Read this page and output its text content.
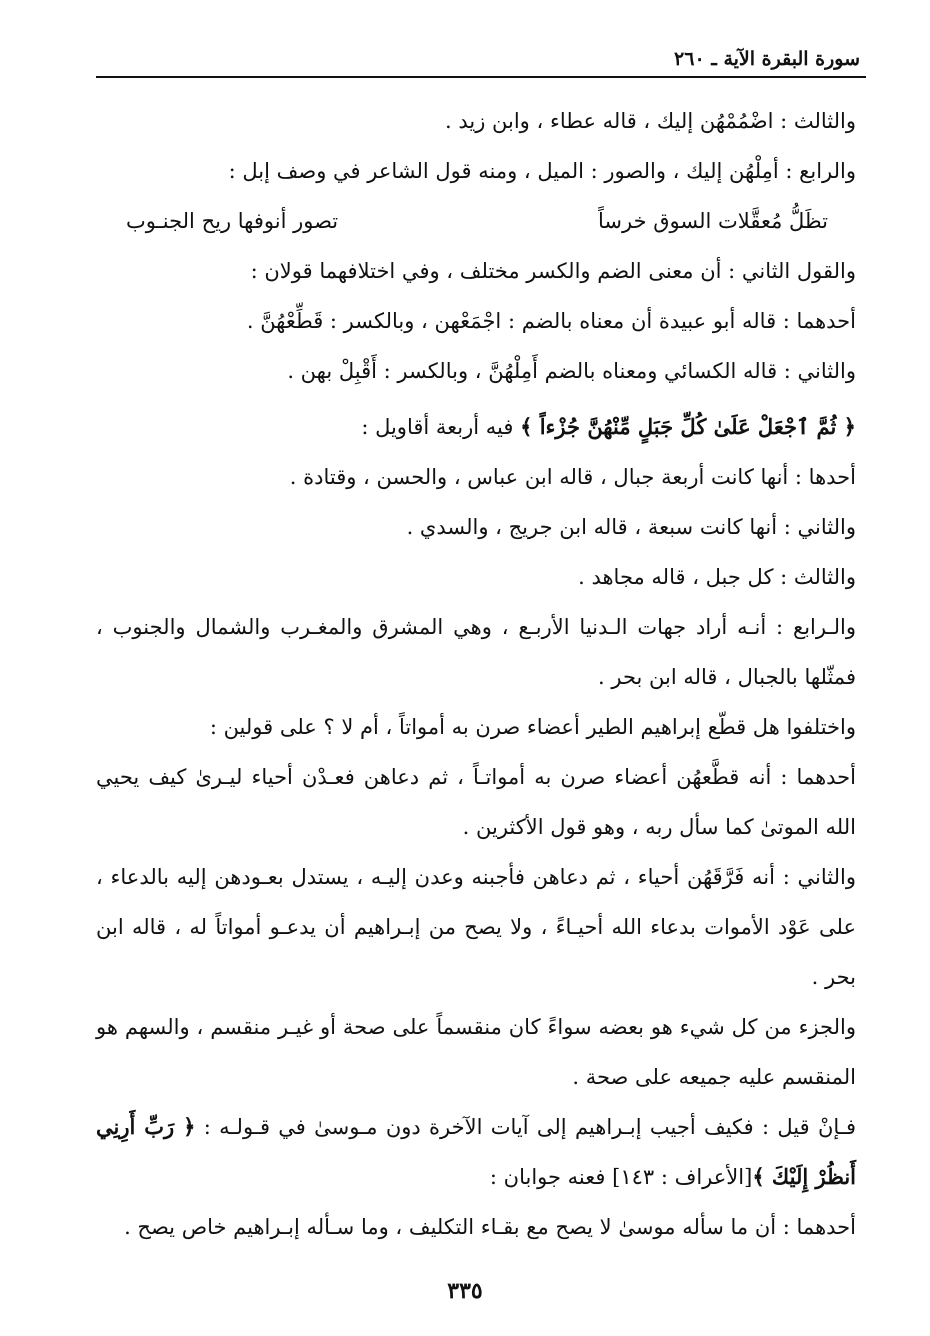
سورة البقرة الآية ـ ٢٦٠

والثالث : اضْمُمْهُن إليك ، قاله عطاء ، وابن زيد .

والرابع : أمِلْهُن إليك ، والصور : الميل ، ومنه قول الشاعر في وصف إبل :

تظَلُّ مُعقَّلات السوق خرساً
تصور أنوفها ريح الجنـوب

والقول الثاني : أن معنى الضم والكسر مختلف ، وفي اختلافهما قولان :

أحدهما : قاله أبو عبيدة أن معناه بالضم : اجْمَعْهن ، وبالكسر : قَطِّعْهُنَّ .

والثاني : قاله الكسائي ومعناه بالضم أَمِلْهُنَّ ، وبالكسر : أَقْبِلْ بهن .

﴿ ثُمَّ ٱجْعَلْ عَلَىٰ كُلِّ جَبَلٍ مِّنْهُنَّ جُزْءاً ﴾ فيه أربعة أقاويل :

أحدها : أنها كانت أربعة جبال ، قاله ابن عباس ، والحسن ، وقتادة .

والثاني : أنها كانت سبعة ، قاله ابن جريج ، والسدي .

والثالث : كل جبل ، قاله مجاهد .

والـرابع : أنـه أراد جهات الـدنيا الأربـع ، وهي المشرق والمغـرب والشمال والجنوب ، فمثّلها بالجبال ، قاله ابن بحر .

واختلفوا هل قطّع إبراهيم الطير أعضاء صرن به أمواتاً ، أم لا ؟ على قولين :

أحدهما : أنه قطَّعهُن أعضاء صرن به أمواتـاً ، ثم دعاهن فعـدْن أحياء ليـرىٰ كيف يحيي الله الموتىٰ كما سأل ربه ، وهو قول الأكثرين .

والثاني : أنه فَرَّقَهُن أحياء ، ثم دعاهن فأجبنه وعدن إليـه ، يستدل بعـودهن إليه بالدعاء ، على عَوْد الأموات بدعاء الله أحيـاءً ، ولا يصح من إبـراهيم أن يدعـو أمواتاً له ، قاله ابن بحر .

والجزء من كل شيء هو بعضه سواءً كان منقسماً على صحة أو غيـر منقسم ، والسهم هو المنقسم عليه جميعه على صحة .

فـإنْ قيل : فكيف أجيب إبـراهيم إلى آيات الآخرة دون مـوسىٰ في قـولـه : ﴿ رَبِّ أَرِنِي أَنظُرْ إِلَيْكَ ﴾[الأعراف : ١٤٣] فعنه جوابان :

أحدهما : أن ما سأله موسىٰ لا يصح مع بقـاء التكليف ، وما سـأله إبـراهيم خاص يصح .

٣٣٥
